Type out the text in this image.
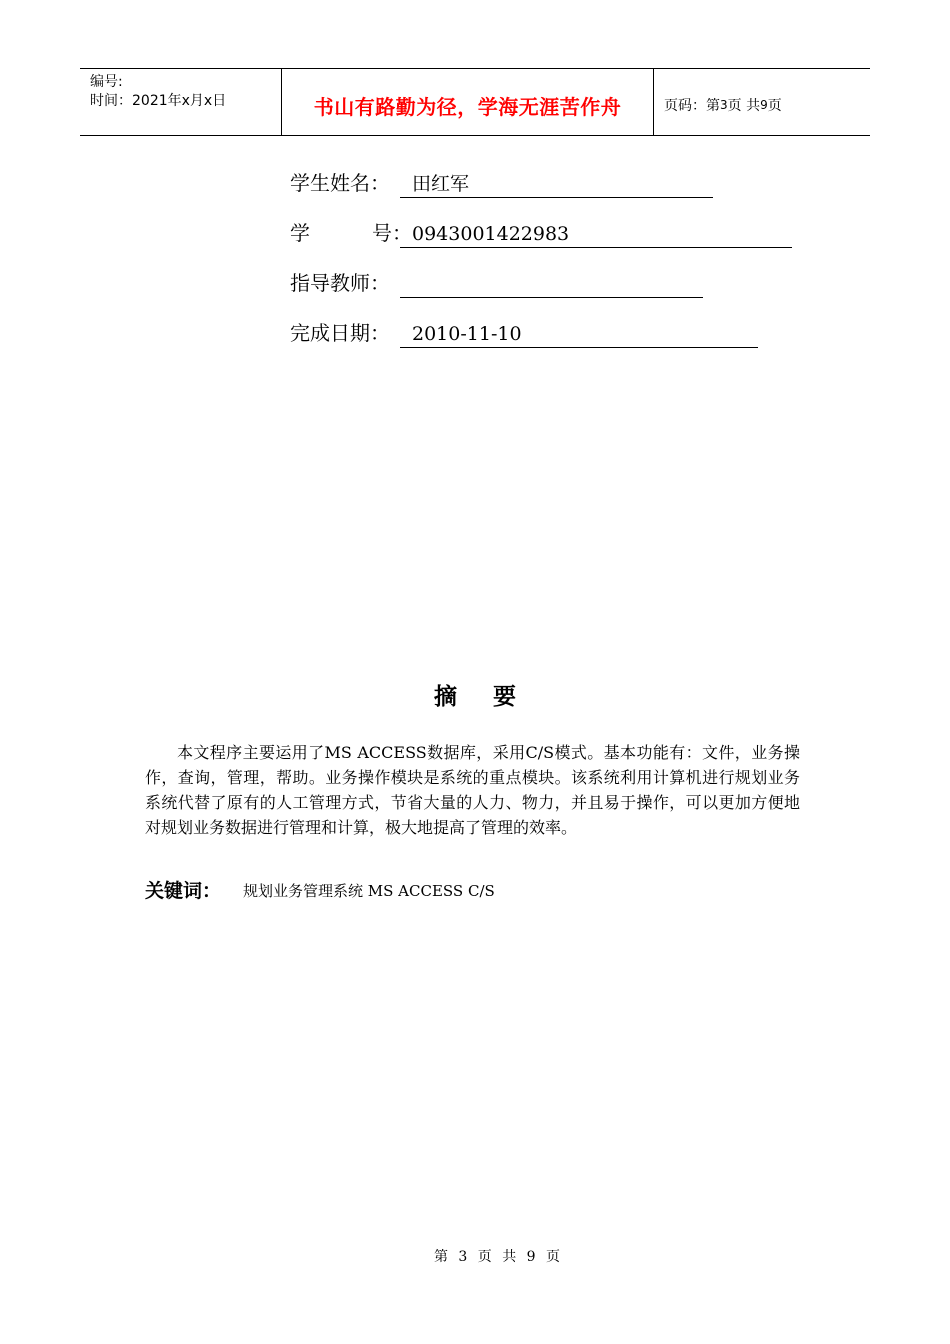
编号:
时间：2021年x月x日	书山有路勤为径，学海无涯苦作舟	页码：第 3 页 共 9 页
学生姓名： 田红军
学	号：0943001422983
指导教师：
完成日期： 2010-11-10
摘 要
本文程序主要运用了MS ACCESS数据库，采用C/S模式。基本功能有：文件，业务操作，查询，管理，帮助。业务操作模块是系统的重点模块。该系统利用计算机进行规划业务系统代替了原有的人工管理方式，节省大量的人力、物力，并且易于操作，可以更加方便地对规划业务数据进行管理和计算，极大地提高了管理的效率。
关键词： 规划业务管理系统 MS ACCESS C/S
第 3 页 共 9 页
